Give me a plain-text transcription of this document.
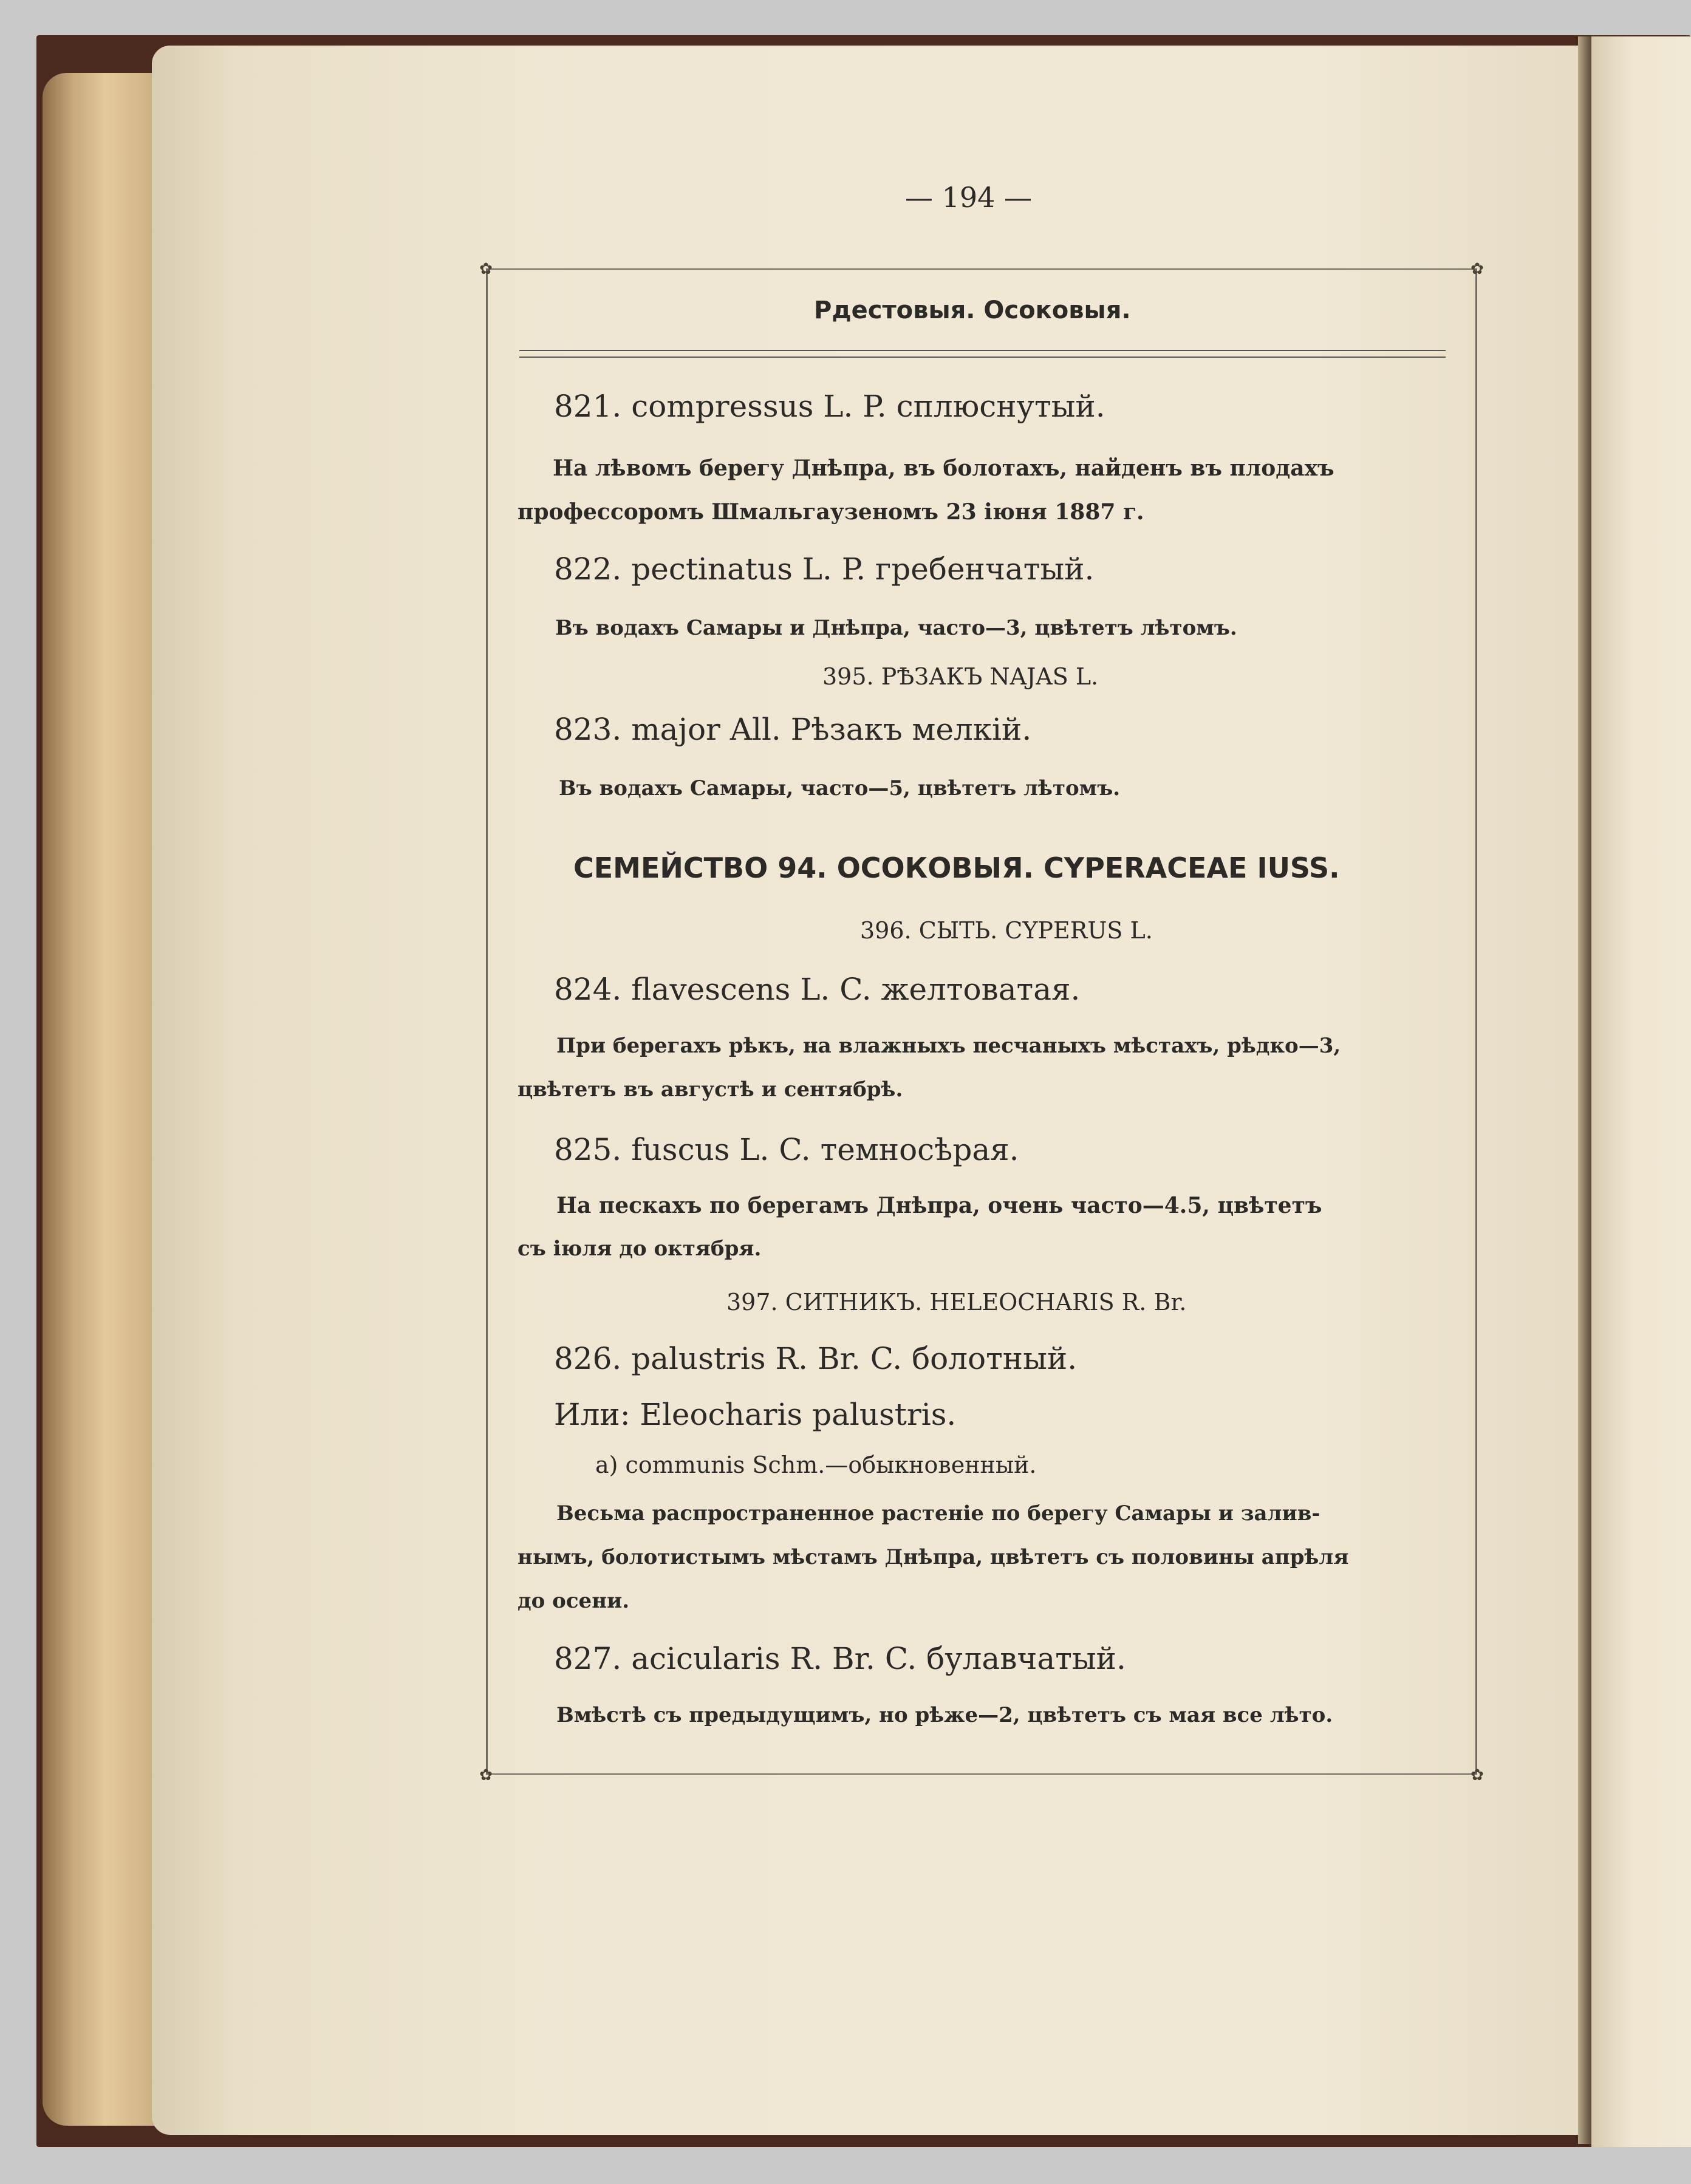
— 194 —
✿	✿
✿	✿
Рдестовыя. Осоковыя.
821. compressus L. P. сплюснутый.
На лѣвомъ берегу Днѣпра, въ болотахъ, найденъ въ плодахъ
профессоромъ Шмальгаузеномъ 23 іюня 1887 г.
822. pectinatus L. P. гребенчатый.
Въ водахъ Самары и Днѣпра, часто—3, цвѣтетъ лѣтомъ.
395. РѢЗАКЪ NAJAS L.
823. major All. Рѣзакъ мелкій.
Въ водахъ Самары, часто—5, цвѣтетъ лѣтомъ.
СЕМЕЙСТВО 94. ОСОКОВЫЯ. CYPERACEAE IUSS.
396. СЫТЬ. CYPERUS L.
824. flavescens L. C. желтоватая.
При берегахъ рѣкъ, на влажныхъ песчаныхъ мѣстахъ, рѣдко—3,
цвѣтетъ въ августѣ и сентябрѣ.
825. fuscus L. C. темносѣрая.
На пескахъ по берегамъ Днѣпра, очень часто—4.5, цвѣтетъ
съ іюля до октября.
397. СИТНИКЪ. HELEOCHARIS R. Br.
826. palustris R. Br. C. болотный.
Или: Eleocharis palustris.
a) communis Schm.—обыкновенный.
Весьма распространенное растеніе по берегу Самары и залив-
нымъ, болотистымъ мѣстамъ Днѣпра, цвѣтетъ съ половины апрѣля
до осени.
827. acicularis R. Br. C. булавчатый.
Вмѣстѣ съ предыдущимъ, но рѣже—2, цвѣтетъ съ мая все лѣто.
